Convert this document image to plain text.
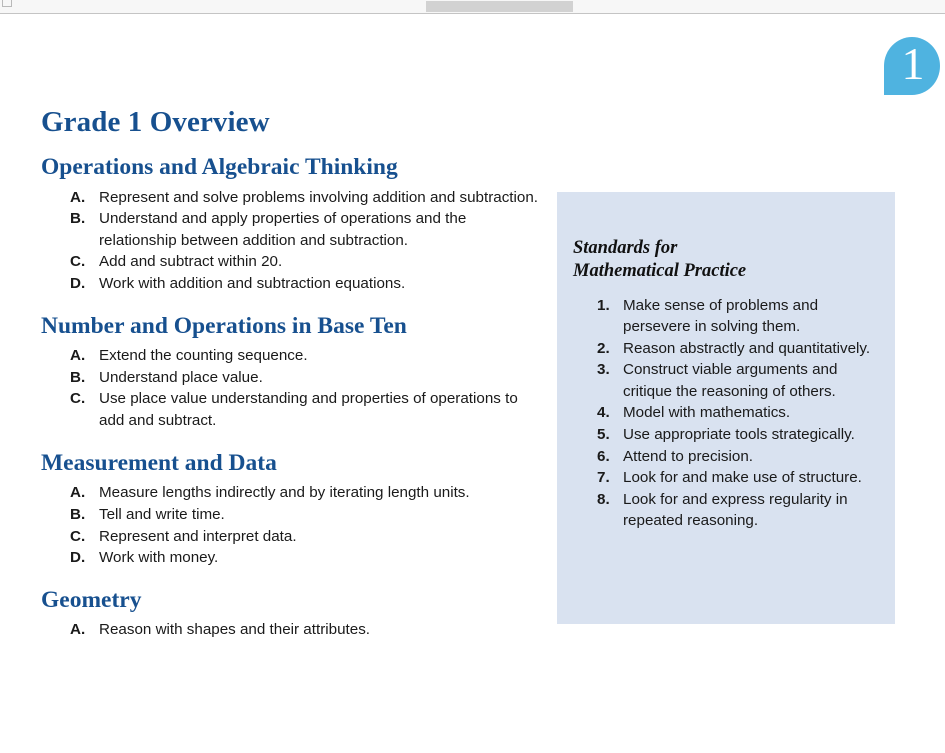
1
Grade 1 Overview
Operations and Algebraic Thinking
A. Represent and solve problems involving addition and subtraction.
B. Understand and apply properties of operations and the relationship between addition and subtraction.
C. Add and subtract within 20.
D. Work with addition and subtraction equations.
Number and Operations in Base Ten
A. Extend the counting sequence.
B. Understand place value.
C. Use place value understanding and properties of operations to add and subtract.
Measurement and Data
A. Measure lengths indirectly and by iterating length units.
B. Tell and write time.
C. Represent and interpret data.
D. Work with money.
Geometry
A. Reason with shapes and their attributes.
Standards for
Mathematical Practice
1. Make sense of problems and persevere in solving them.
2. Reason abstractly and quantitatively.
3. Construct viable arguments and critique the reasoning of others.
4. Model with mathematics.
5. Use appropriate tools strategically.
6. Attend to precision.
7. Look for and make use of structure.
8. Look for and express regularity in repeated reasoning.
